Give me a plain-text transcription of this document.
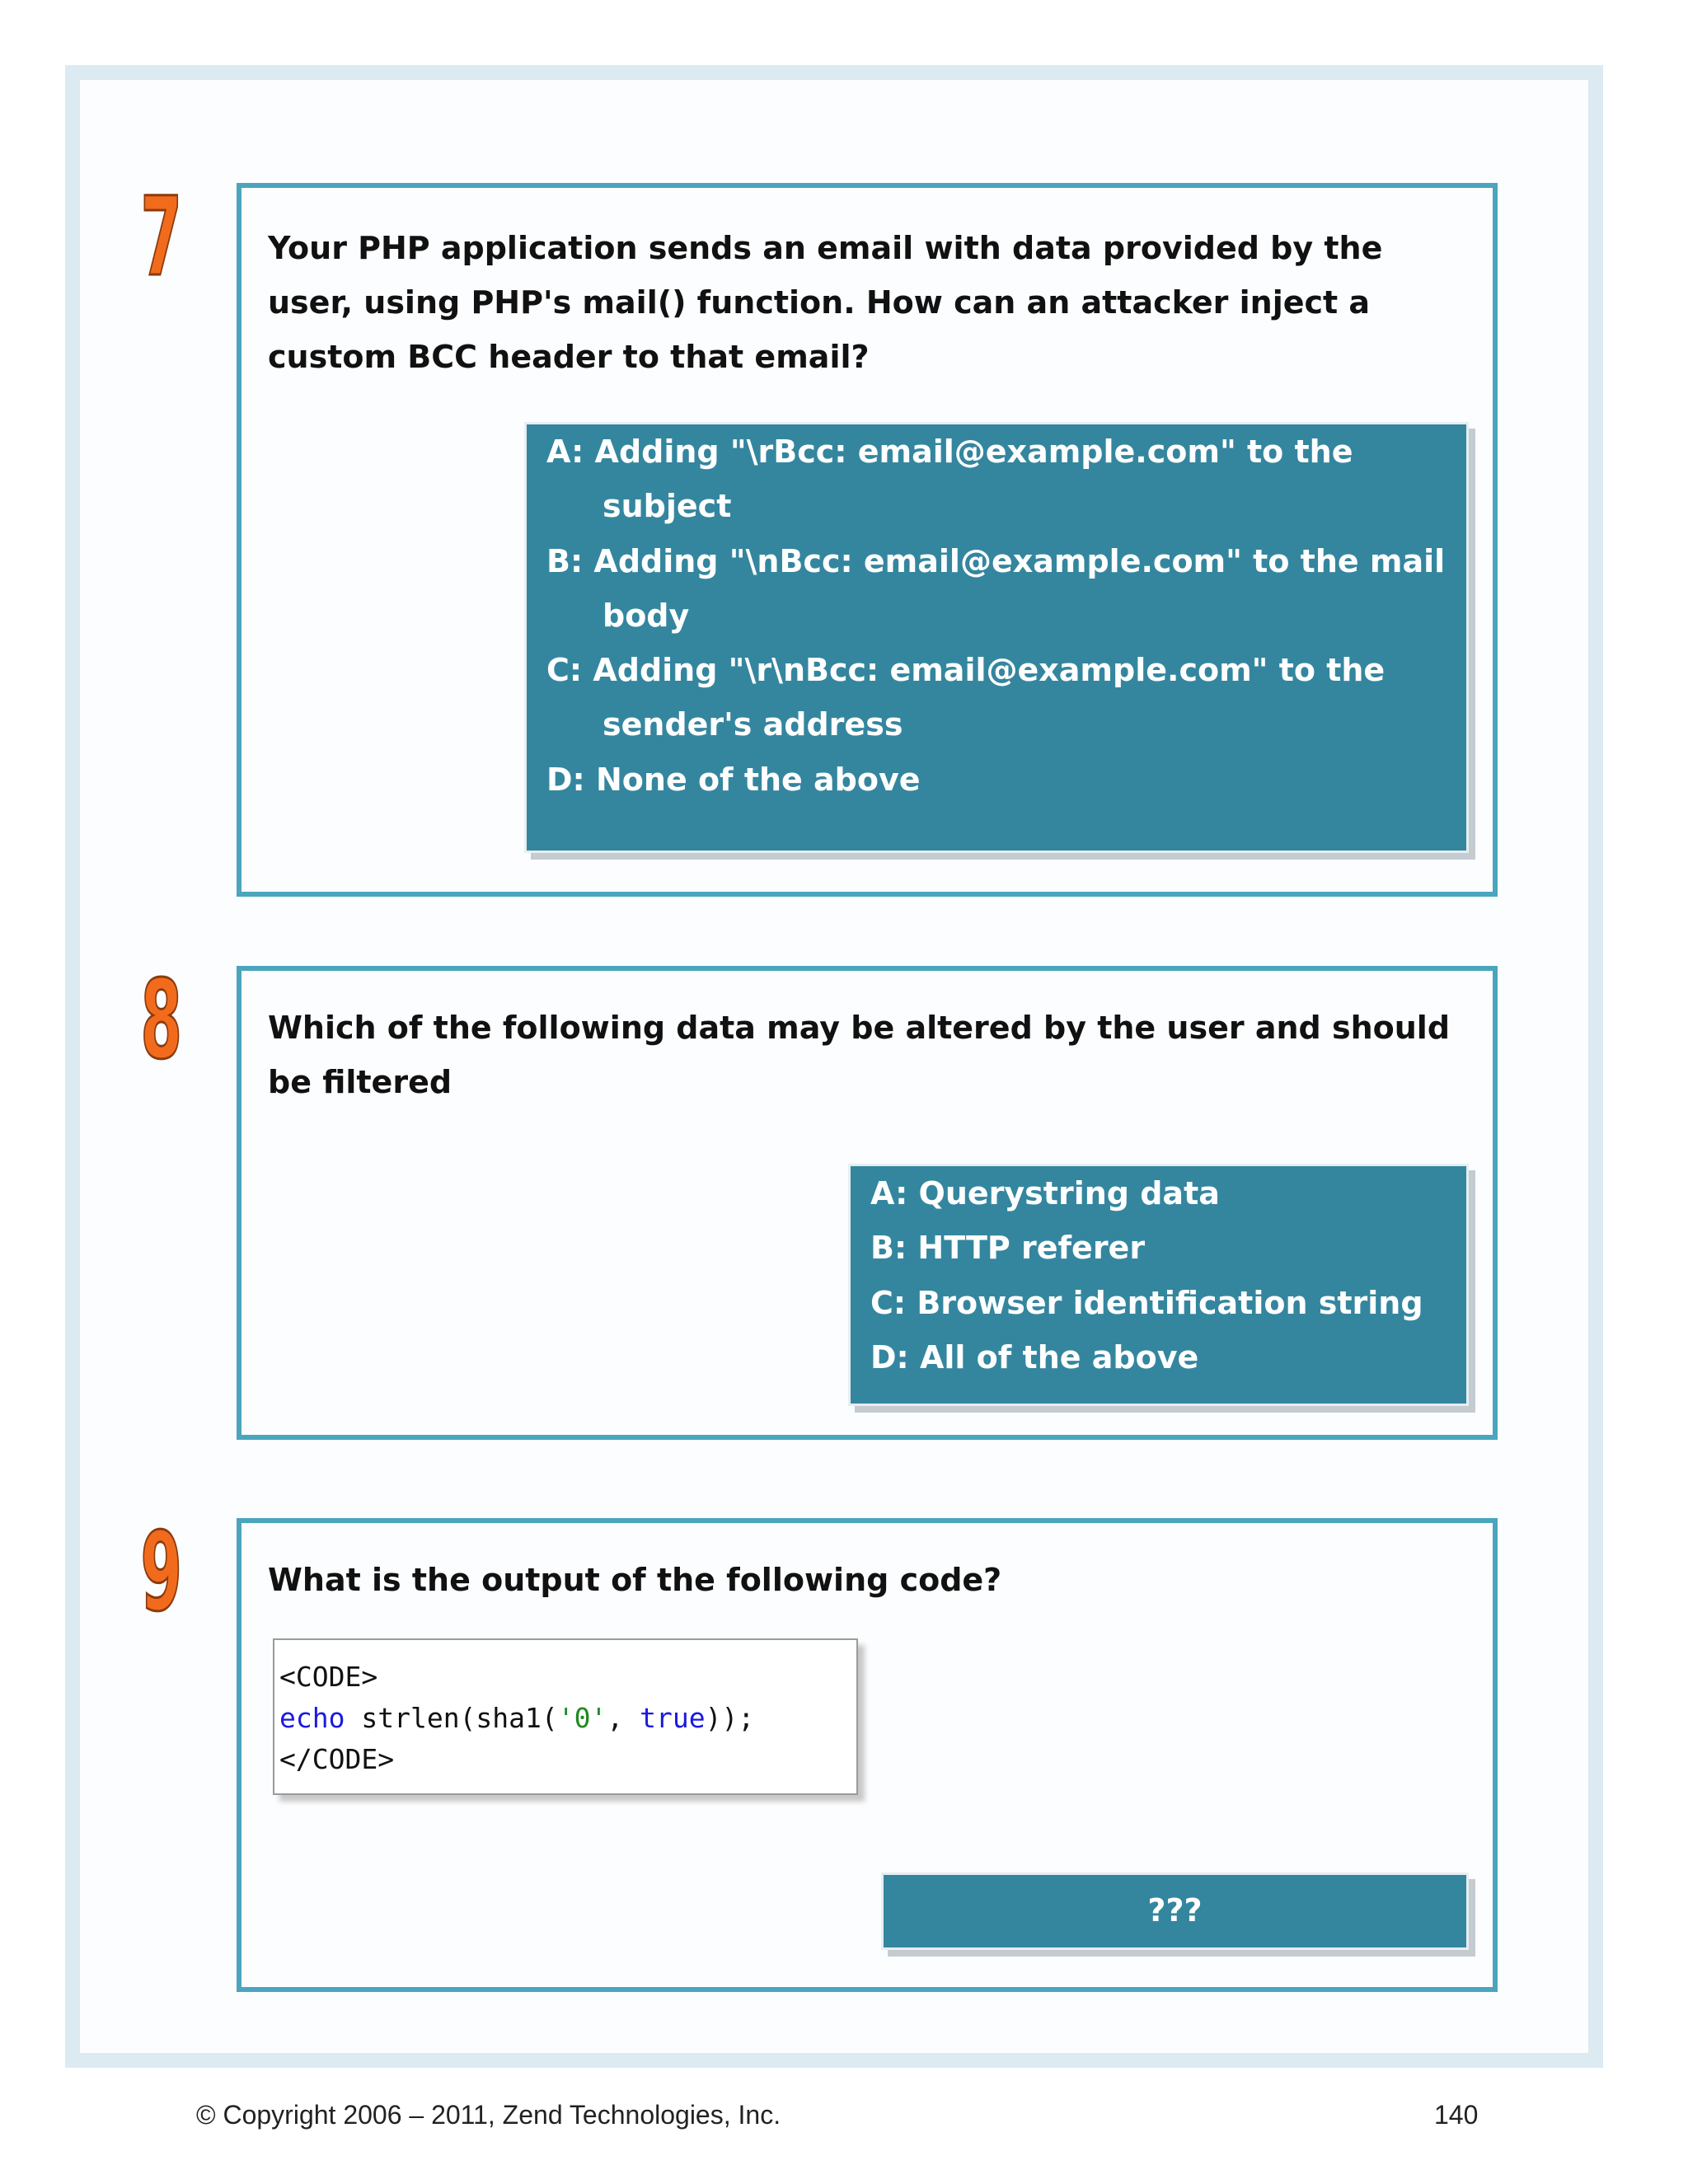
7	Your PHP application sends an email with data provided by the user, using PHP's mail() function. How can an attacker inject a custom BCC header to that email?
A: Adding "\rBcc: email@example.com" to the
subject
B: Adding "\nBcc: email@example.com" to the mail
body
C: Adding "\r\nBcc: email@example.com" to the
sender's address
D: None of the above
8	Which of the following data may be altered by the user and should be filtered
A: Querystring data
B: HTTP referer
C: Browser identification string
D: All of the above
9	What is the output of the following code?
<CODE>
echo strlen(sha1('0', true));
</CODE>
???
© Copyright 2006 – 2011, Zend Technologies, Inc.	140
